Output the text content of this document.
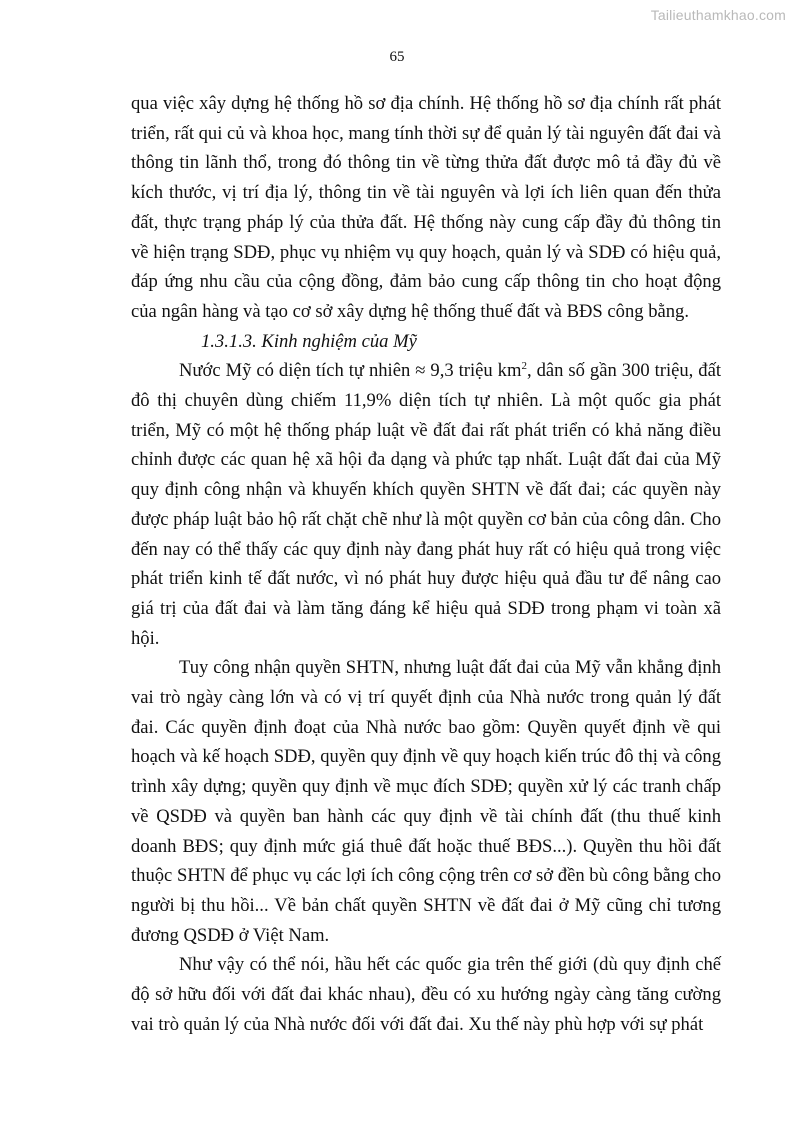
Tailieuthamkhao.com
65

qua việc xây dựng hệ thống hồ sơ địa chính. Hệ thống hồ sơ địa chính rất phát triển, rất qui củ và khoa học, mang tính thời sự để quản lý tài nguyên đất đai và thông tin lãnh thổ, trong đó thông tin về từng thửa đất được mô tả đầy đủ về kích thước, vị trí địa lý, thông tin về tài nguyên và lợi ích liên quan đến thửa đất, thực trạng pháp lý của thửa đất. Hệ thống này cung cấp đầy đủ thông tin về hiện trạng SDĐ, phục vụ nhiệm vụ quy hoạch, quản lý và SDĐ có hiệu quả, đáp ứng nhu cầu của cộng đồng, đảm bảo cung cấp thông tin cho hoạt động của ngân hàng và tạo cơ sở xây dựng hệ thống thuế đất và BĐS công bằng.

1.3.1.3. Kinh nghiệm của Mỹ

Nước Mỹ có diện tích tự nhiên ≈ 9,3 triệu $km^2$, dân số gần 300 triệu, đất đô thị chuyên dùng chiếm 11,9% diện tích tự nhiên. Là một quốc gia phát triển, Mỹ có một hệ thống pháp luật về đất đai rất phát triển có khả năng điều chỉnh được các quan hệ xã hội đa dạng và phức tạp nhất. Luật đất đai của Mỹ quy định công nhận và khuyến khích quyền SHTN về đất đai; các quyền này được pháp luật bảo hộ rất chặt chẽ như là một quyền cơ bản của công dân. Cho đến nay có thể thấy các quy định này đang phát huy rất có hiệu quả trong việc phát triển kinh tế đất nước, vì nó phát huy được hiệu quả đầu tư để nâng cao giá trị của đất đai và làm tăng đáng kể hiệu quả SDĐ trong phạm vi toàn xã hội.

Tuy công nhận quyền SHTN, nhưng luật đất đai của Mỹ vẫn khẳng định vai trò ngày càng lớn và có vị trí quyết định của Nhà nước trong quản lý đất đai. Các quyền định đoạt của Nhà nước bao gồm: Quyền quyết định về qui hoạch và kế hoạch SDĐ, quyền quy định về quy hoạch kiến trúc đô thị và công trình xây dựng; quyền quy định về mục đích SDĐ; quyền xử lý các tranh chấp về QSDĐ và quyền ban hành các quy định về tài chính đất (thu thuế kinh doanh BĐS; quy định mức giá thuê đất hoặc thuế BĐS...). Quyền thu hồi đất thuộc SHTN để phục vụ các lợi ích công cộng trên cơ sở đền bù công bằng cho người bị thu hồi... Về bản chất quyền SHTN về đất đai ở Mỹ cũng chỉ tương đương QSDĐ ở Việt Nam.

Như vậy có thể nói, hầu hết các quốc gia trên thế giới (dù quy định chế độ sở hữu đối với đất đai khác nhau), đều có xu hướng ngày càng tăng cường vai trò quản lý của Nhà nước đối với đất đai. Xu thế này phù hợp với sự phát
